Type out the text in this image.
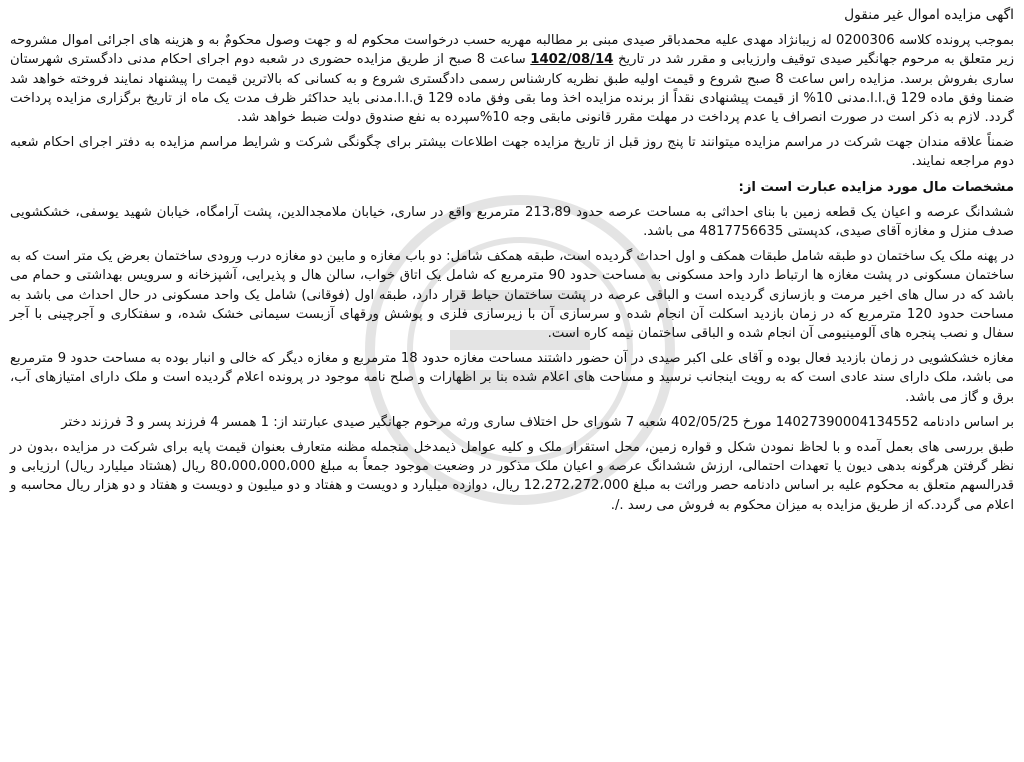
اگهی مزایده اموال غیر منقول

بموجب پرونده کلاسه 0200306 له زیبانژاد مهدی علیه محمدباقر صیدی مبنی بر مطالبه مهریه حسب درخواست محکوم له و جهت وصول محکومٌ به و هزینه های اجرائی اموال مشروحه زیر متعلق به مرحوم جهانگیر صیدی توقیف وارزیابی و مقرر شد در تاریخ 1402/08/14 ساعت 8 صبح از طریق مزایده حضوری در شعبه دوم اجرای احکام مدنی دادگستری شهرستان ساری بفروش برسد. مزایده راس ساعت 8 صبح شروع و قیمت اولیه طبق نظریه کارشناس رسمی دادگستری شروع و به کسانی که بالاترین قیمت را پیشنهاد نمایند فروخته خواهد شد ضمنا وفق ماده 129 ق.ا.ا.مدنی 10% از قیمت پیشنهادی نقداً از برنده مزایده اخذ وما بقی وفق ماده 129 ق.ا.ا.مدنی باید حداکثر ظرف مدت یک ماه از تاریخ برگزاری مزایده پرداخت گردد. لازم به ذکر است در صورت انصراف یا عدم پرداخت در مهلت مقرر قانونی مابقی وجه 10%سپرده به نفع صندوق دولت ضبط خواهد شد.

ضمناً علاقه مندان جهت شرکت در مراسم مزایده میتوانند تا پنج روز قبل از تاریخ مزایده جهت اطلاعات بیشتر برای چگونگی شرکت و شرایط مراسم مزایده به دفتر اجرای احکام شعبه دوم مراجعه نمایند.

مشخصات مال مورد مزایده عبارت است از:

ششدانگ عرصه و اعیان یک قطعه زمین با بنای احداثی به مساحت عرصه حدود 213،89 مترمربع واقع در ساری، خیابان ملامجدالدین، پشت آرامگاه، خیابان شهید یوسفی، خشکشویی صدف منزل و مغازه آقای صیدی، کدپستی 4817756635 می باشد.

در پهنه ملک یک ساختمان دو طبقه شامل طبقات همکف و اول احداث گردیده است، طبقه همکف شامل: دو باب مغازه و مابین دو مغازه درب ورودی ساختمان بعرض یک متر است که به ساختمان مسکونی در پشت مغازه ها ارتباط دارد واحد مسکونی به مساحت حدود 90 مترمربع که شامل یک اتاق خواب، سالن هال و پذیرایی، آشپزخانه و سرویس بهداشتی و حمام می باشد که در سال های اخیر مرمت و بازسازی گردیده است و الباقی عرصه در پشت ساختمان حیاط قرار دارد، طبقه اول (فوقانی) شامل یک واحد مسکونی در حال احداث می باشد به مساحت حدود 120 مترمربع که در زمان بازدید اسکلت آن انجام شده و سرسازی آن با زیرسازی فلزی و پوشش ورقهای آزبست سیمانی خشک شده، و سفتکاری و آجرچینی با آجر سفال و نصب پنجره های آلومینیومی آن انجام شده و الباقی ساختمان نیمه کاره است.

مغازه خشکشویی در زمان بازدید فعال بوده و آقای علی اکبر صیدی در آن حضور داشتند مساحت مغازه حدود 18 مترمربع و مغازه دیگر که خالی و انبار بوده به مساحت حدود 9 مترمربع می باشد، ملک دارای سند عادی است که به رویت اینجانب نرسید و مساحت های اعلام شده بنا بر اظهارات و صلح نامه موجود در پرونده اعلام گردیده است و ملک دارای امتیازهای آب، برق و گاز می باشد.

بر اساس دادنامه 14027390004134552 مورخ 402/05/25 شعبه 7 شورای حل اختلاف ساری ورثه مرحوم جهانگیر صیدی عبارتند از: 1 همسر 4 فرزند پسر و 3 فرزند دختر

طبق بررسی های بعمل آمده و با لحاظ نمودن شکل و قواره زمین، محل استقرار ملک و کلیه عوامل ذیمدخل منجمله مظنه متعارف بعنوان قیمت پایه برای شرکت در مزایده ،بدون در نظر گرفتن هرگونه بدهی دیون یا تعهدات احتمالی، ارزش ششدانگ عرصه و اعیان ملک مذکور در وضعیت موجود جمعاً به مبلغ 80،000،000،000 ریال (هشتاد میلیارد ریال) ارزیابی و قدرالسهم متعلق به محکوم علیه بر اساس دادنامه حصر وراثت به مبلغ 12،272،272،000 ریال، دوازده میلیارد و دویست و هفتاد و دو میلیون و دویست و هفتاد و دو هزار ریال محاسبه و اعلام می گردد.که از طریق مزایده به میزان محکوم به فروش می رسد ./.
